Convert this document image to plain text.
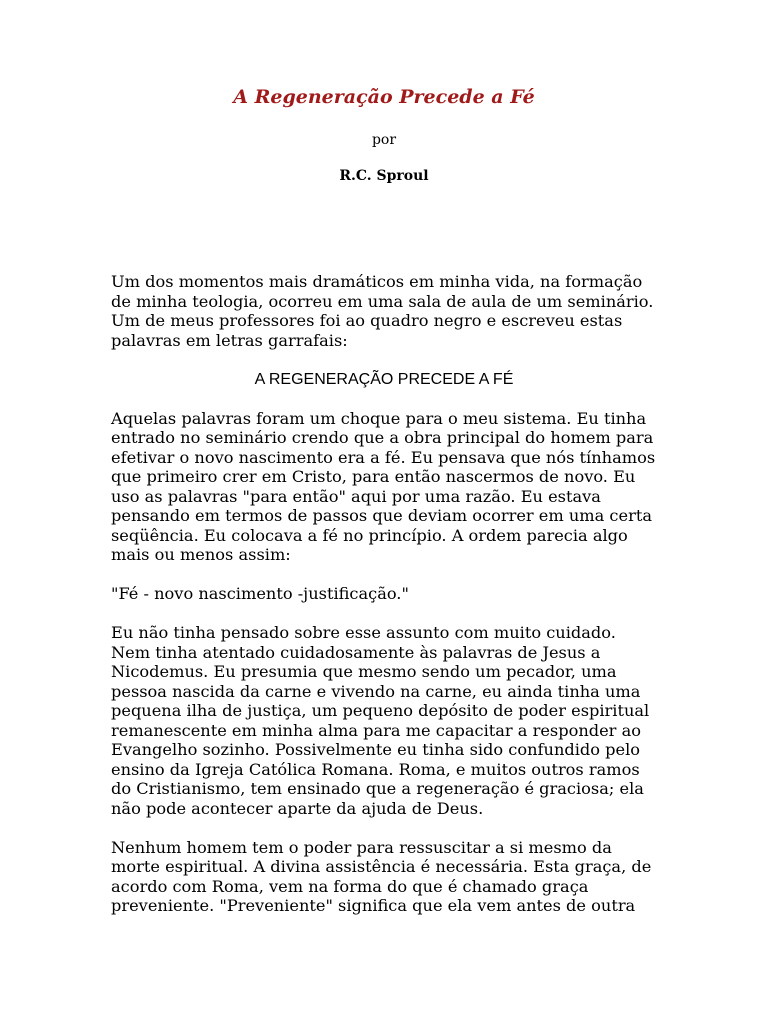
A Regeneração Precede a Fé
por
R.C. Sproul

Um dos momentos mais dramáticos em minha vida, na formação de minha teologia, ocorreu em uma sala de aula de um seminário. Um de meus professores foi ao quadro negro e escreveu estas palavras em letras garrafais:

A REGENERAÇÃO PRECEDE A FÉ

Aquelas palavras foram um choque para o meu sistema. Eu tinha entrado no seminário crendo que a obra principal do homem para efetivar o novo nascimento era a fé. Eu pensava que nós tínhamos que primeiro crer em Cristo, para então nascermos de novo. Eu uso as palavras "para então" aqui por uma razão. Eu estava pensando em termos de passos que deviam ocorrer em uma certa seqüência. Eu colocava a fé no princípio. A ordem parecia algo mais ou menos assim:

"Fé - novo nascimento -justificação."

Eu não tinha pensado sobre esse assunto com muito cuidado. Nem tinha atentado cuidadosamente às palavras de Jesus a Nicodemus. Eu presumia que mesmo sendo um pecador, uma pessoa nascida da carne e vivendo na carne, eu ainda tinha uma pequena ilha de justiça, um pequeno depósito de poder espiritual remanescente em minha alma para me capacitar a responder ao Evangelho sozinho. Possivelmente eu tinha sido confundido pelo ensino da Igreja Católica Romana. Roma, e muitos outros ramos do Cristianismo, tem ensinado que a regeneração é graciosa; ela não pode acontecer aparte da ajuda de Deus.

Nenhum homem tem o poder para ressuscitar a si mesmo da morte espiritual. A divina assistência é necessária. Esta graça, de acordo com Roma, vem na forma do que é chamado graça preveniente. "Preveniente" significa que ela vem antes de outra
